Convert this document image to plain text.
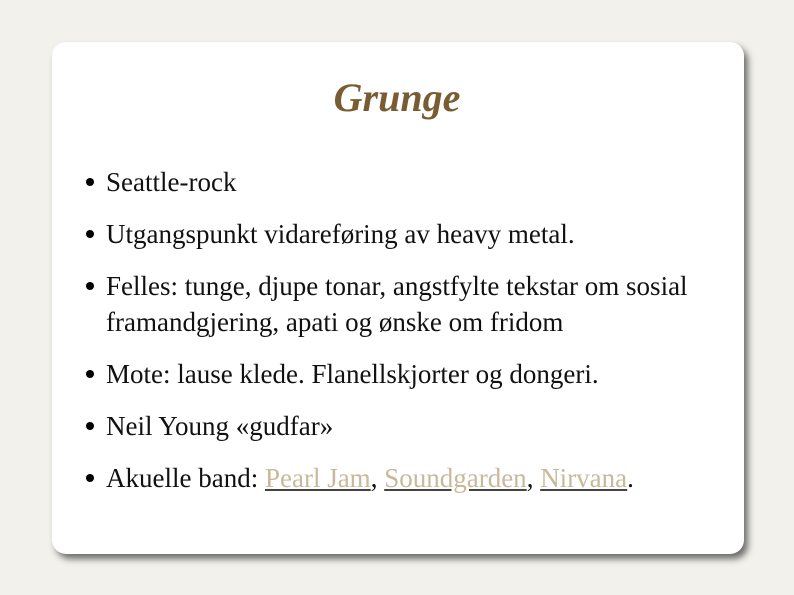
Grunge
Seattle-rock
Utgangspunkt vidareføring av heavy metal.
Felles: tunge, djupe tonar, angstfylte tekstar om sosial framandgjering, apati og ønske om fridom
Mote: lause klede. Flanellskjorter og dongeri.
Neil Young «gudfar»
Akuelle band: Pearl Jam, Soundgarden, Nirvana.
